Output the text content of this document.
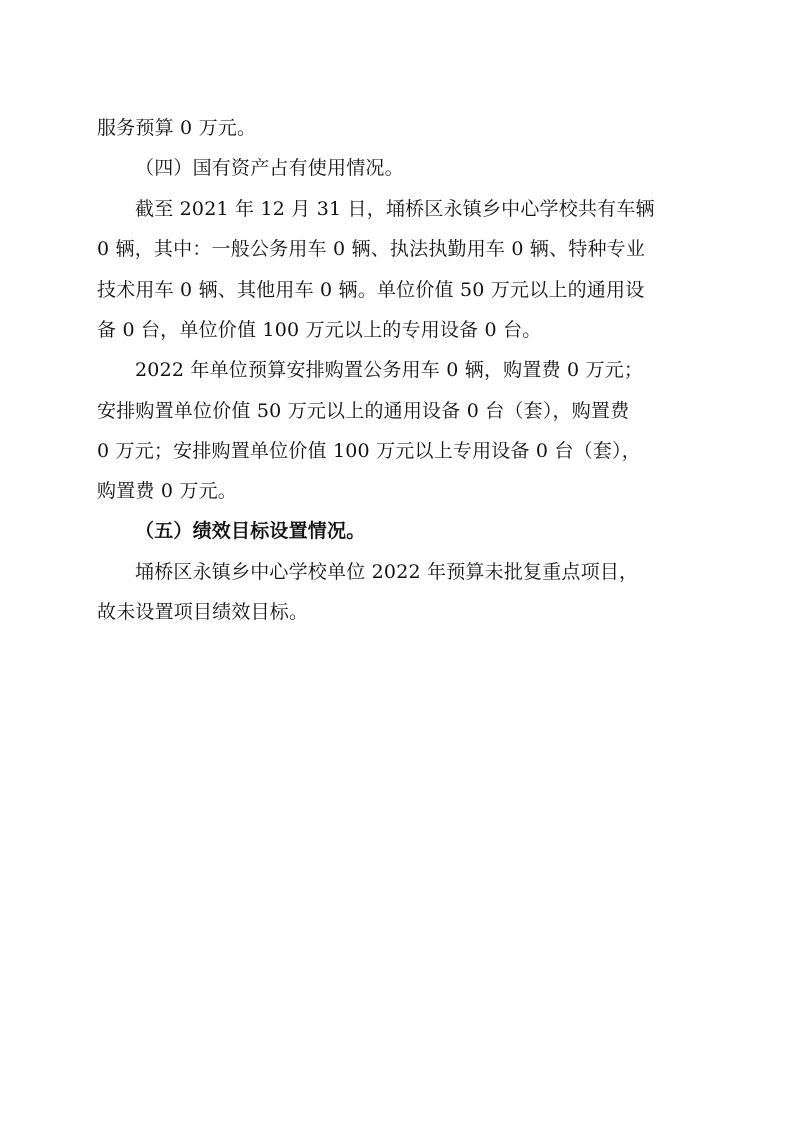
服务预算 0 万元。
（四）国有资产占有使用情况。
截至 2021 年 12 月 31 日，埇桥区永镇乡中心学校共有车辆
0 辆，其中：一般公务用车 0 辆、执法执勤用车 0 辆、特种专业
技术用车 0 辆、其他用车 0 辆。单位价值 50 万元以上的通用设
备 0 台，单位价值 100 万元以上的专用设备 0 台。
2022 年单位预算安排购置公务用车 0 辆，购置费 0 万元；
安排购置单位价值 50 万元以上的通用设备 0 台（套），购置费
0 万元；安排购置单位价值 100 万元以上专用设备 0 台（套），
购置费 0 万元。
（五）绩效目标设置情况。
埇桥区永镇乡中心学校单位 2022 年预算未批复重点项目，
故未设置项目绩效目标。
